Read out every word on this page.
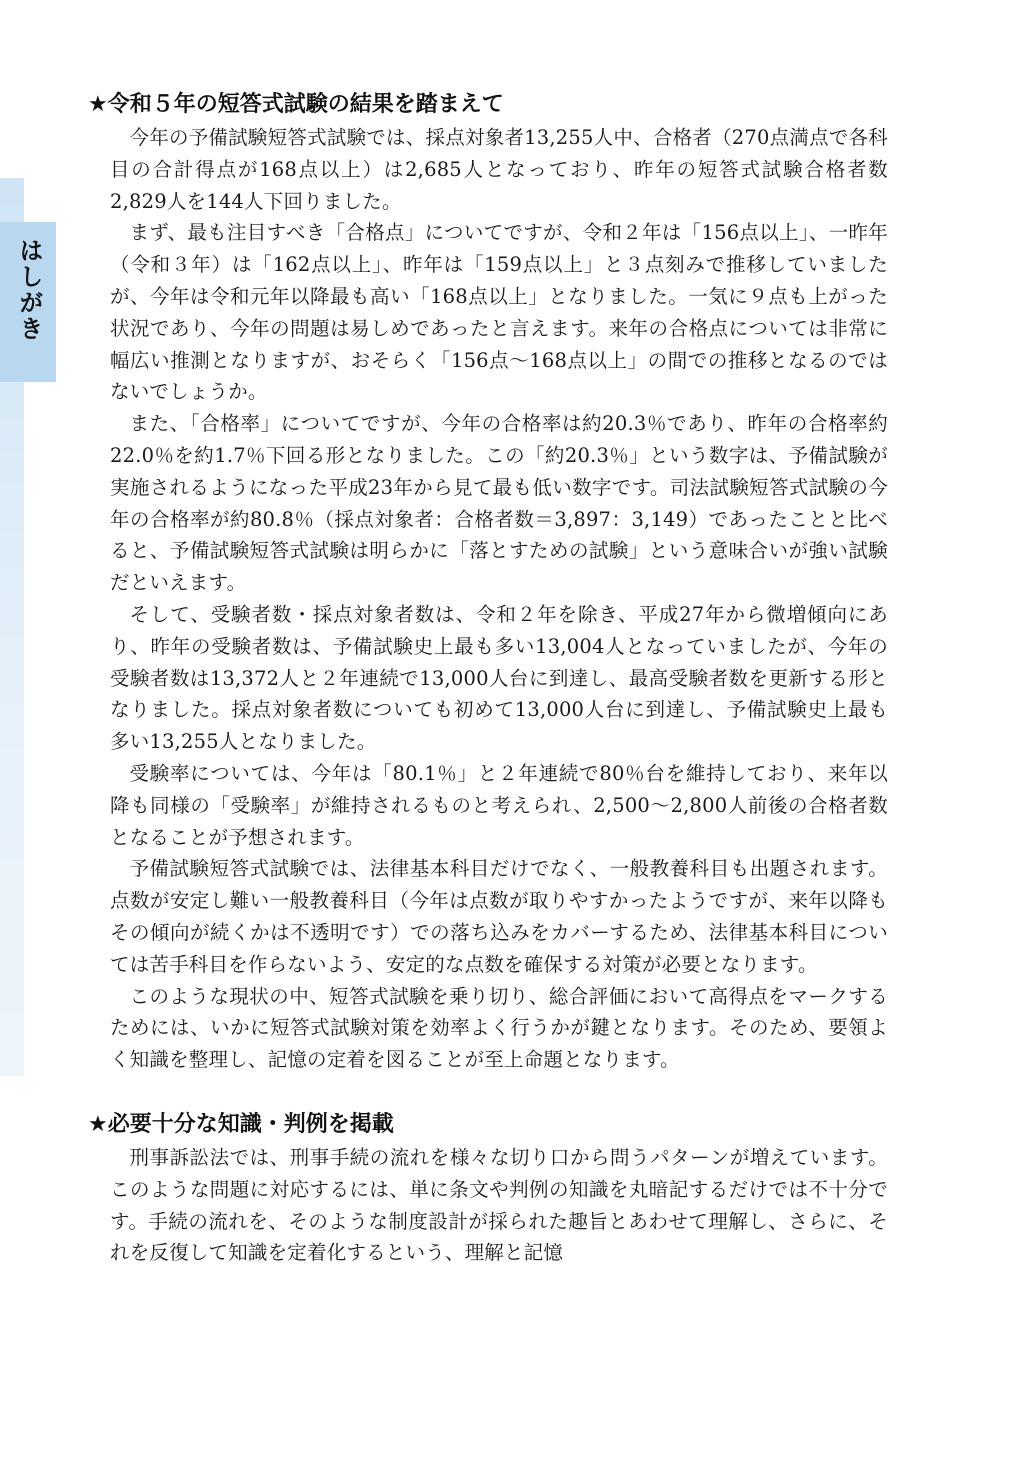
はしがき
★令和５年の短答式試験の結果を踏まえて

今年の予備試験短答式試験では、採点対象者13,255人中、合格者（270点満点で各科目の合計得点が168点以上）は2,685人となっており、昨年の短答式試験合格者数2,829人を144人下回りました。

まず、最も注目すべき「合格点」についてですが、令和２年は「156点以上」、一昨年（令和３年）は「162点以上」、昨年は「159点以上」と３点刻みで推移していましたが、今年は令和元年以降最も高い「168点以上」となりました。一気に９点も上がった状況であり、今年の問題は易しめであったと言えます。来年の合格点については非常に幅広い推測となりますが、おそらく「156点〜168点以上」の間での推移となるのではないでしょうか。

また、「合格率」についてですが、今年の合格率は約20.3％であり、昨年の合格率約22.0％を約1.7％下回る形となりました。この「約20.3％」という数字は、予備試験が実施されるようになった平成23年から見て最も低い数字です。司法試験短答式試験の今年の合格率が約80.8％（採点対象者：合格者数＝3,897：3,149）であったことと比べると、予備試験短答式試験は明らかに「落とすための試験」という意味合いが強い試験だといえます。

そして、受験者数・採点対象者数は、令和２年を除き、平成27年から微増傾向にあり、昨年の受験者数は、予備試験史上最も多い13,004人となっていましたが、今年の受験者数は13,372人と２年連続で13,000人台に到達し、最高受験者数を更新する形となりました。採点対象者数についても初めて13,000人台に到達し、予備試験史上最も多い13,255人となりました。

受験率については、今年は「80.1％」と２年連続で80％台を維持しており、来年以降も同様の「受験率」が維持されるものと考えられ、2,500〜2,800人前後の合格者数となることが予想されます。

予備試験短答式試験では、法律基本科目だけでなく、一般教養科目も出題されます。点数が安定し難い一般教養科目（今年は点数が取りやすかったようですが、来年以降もその傾向が続くかは不透明です）での落ち込みをカバーするため、法律基本科目については苦手科目を作らないよう、安定的な点数を確保する対策が必要となります。

このような現状の中、短答式試験を乗り切り、総合評価において高得点をマークするためには、いかに短答式試験対策を効率よく行うかが鍵となります。そのため、要領よく知識を整理し、記憶の定着を図ることが至上命題となります。

★必要十分な知識・判例を掲載

刑事訴訟法では、刑事手続の流れを様々な切り口から問うパターンが増えています。このような問題に対応するには、単に条文や判例の知識を丸暗記するだけでは不十分です。手続の流れを、そのような制度設計が採られた趣旨とあわせて理解し、さらに、それを反復して知識を定着化するという、理解と記憶
